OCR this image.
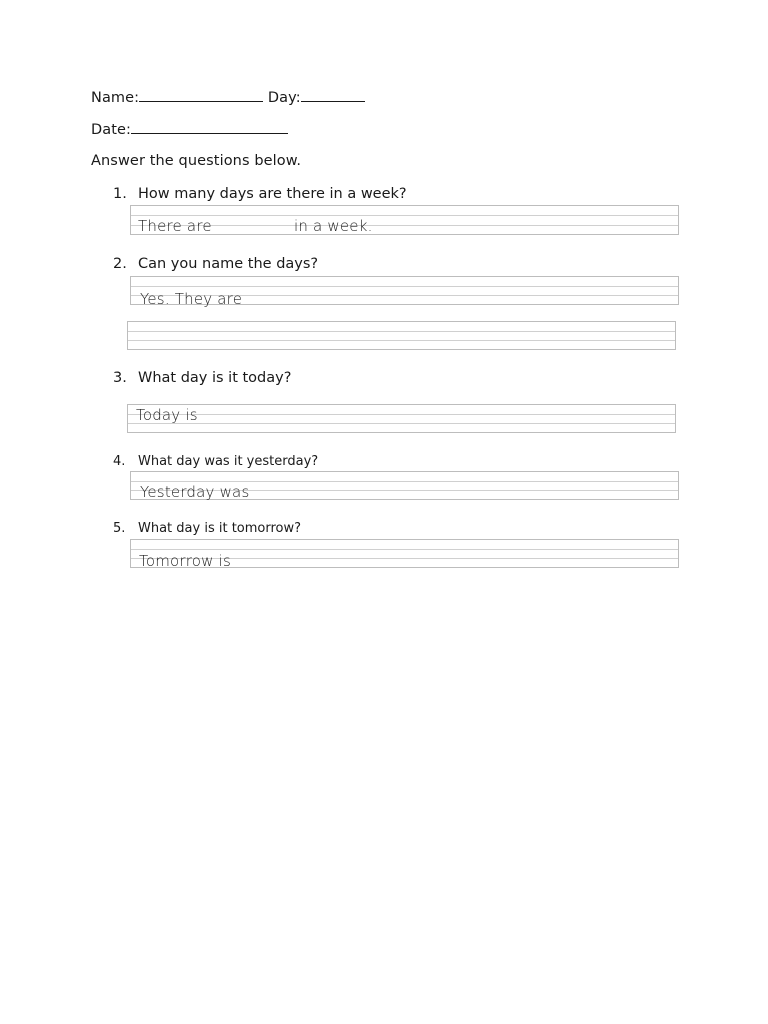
Name:	Day:
Date:
Answer the questions below.
1. How many days are there in a week?
There are	in a week.
2. Can you name the days?
Yes. They are
3. What day is it today?
Today is
4. What day was it yesterday?
Yesterday was
5. What day is it tomorrow?
Tomorrow is
